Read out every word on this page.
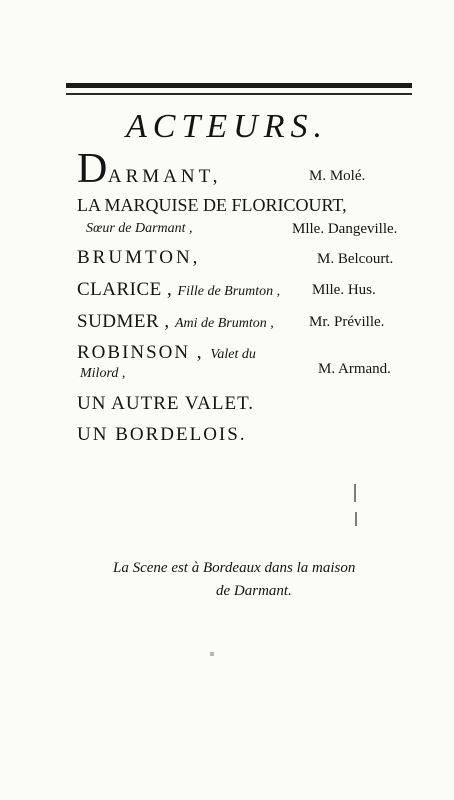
ACTEURS.
DARMANT,	M. Molé.
LA MARQUISE DE FLORICOURT,
Sœur de Darmant ,	Mlle. Dangeville.
BRUMTON,	M. Belcourt.
CLARICE , Fille de Brumton , Mlle. Hus.
SUDMER , Ami de Brumton , Mr. Préville.
ROBINSON , Valet du
Milord ,	M. Armand.
UN AUTRE VALET.
UN BORDELOIS.
La Scene est à Bordeaux dans la maison
de Darmant.
